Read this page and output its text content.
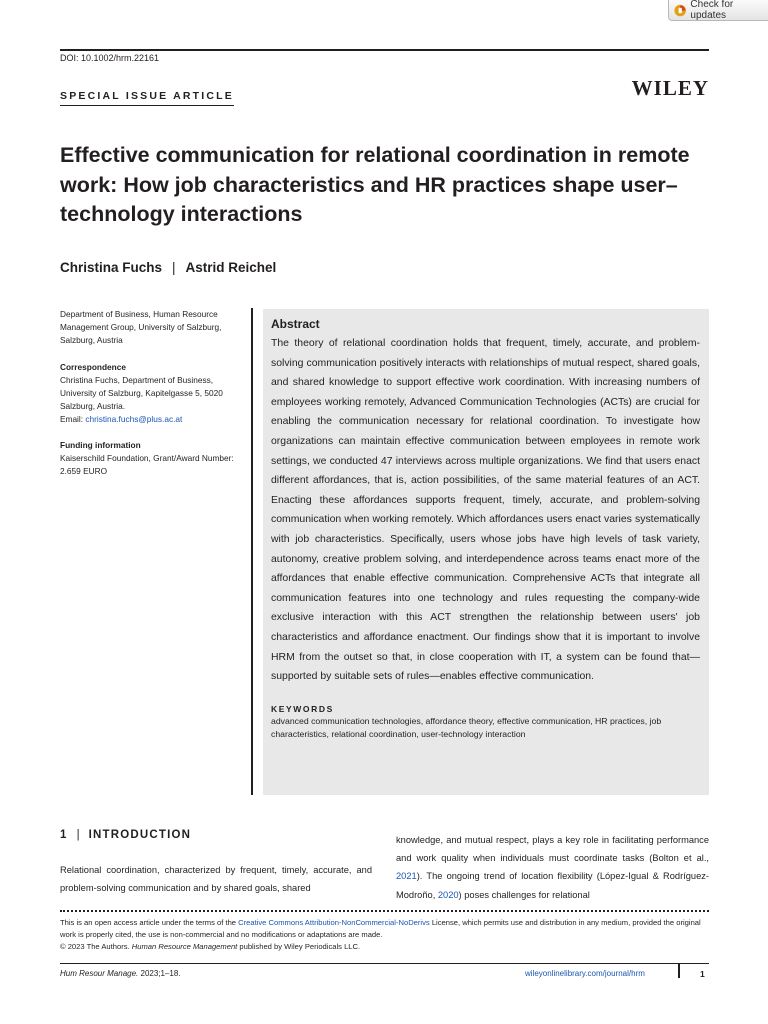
Check for updates
DOI: 10.1002/hrm.22161
SPECIAL ISSUE ARTICLE	WILEY
Effective communication for relational coordination in remote work: How job characteristics and HR practices shape user–technology interactions
Christina Fuchs | Astrid Reichel
Department of Business, Human Resource Management Group, University of Salzburg, Salzburg, Austria
Correspondence
Christina Fuchs, Department of Business, University of Salzburg, Kapitelgasse 5, 5020 Salzburg, Austria.
Email: christina.fuchs@plus.ac.at
Funding information
Kaiserschild Foundation, Grant/Award Number: 2.659 EURO
Abstract

The theory of relational coordination holds that frequent, timely, accurate, and problem-solving communication positively interacts with relationships of mutual respect, shared goals, and shared knowledge to support effective work coordination. With increasing numbers of employees working remotely, Advanced Communication Technologies (ACTs) are crucial for enabling the communication necessary for relational coordination. To investigate how organizations can maintain effective communication between employees in remote work settings, we conducted 47 interviews across multiple organizations. We find that users enact different affordances, that is, action possibilities, of the same material features of an ACT. Enacting these affordances supports frequent, timely, accurate, and problem-solving communication when working remotely. Which affordances users enact varies systematically with job characteristics. Specifically, users whose jobs have high levels of task variety, autonomy, creative problem solving, and interdependence across teams enact more of the affordances that enable effective communication. Comprehensive ACTs that integrate all communication features into one technology and rules requesting the company-wide exclusive interaction with this ACT strengthen the relationship between users' job characteristics and affordance enactment. Our findings show that it is important to involve HRM from the outset so that, in close cooperation with IT, a system can be found that—supported by suitable sets of rules—enables effective communication.

KEYWORDS
advanced communication technologies, affordance theory, effective communication, HR practices, job characteristics, relational coordination, user-technology interaction
1 | INTRODUCTION
Relational coordination, characterized by frequent, timely, accurate, and problem-solving communication and by shared goals, shared
knowledge, and mutual respect, plays a key role in facilitating performance and work quality when individuals must coordinate tasks (Bolton et al., 2021). The ongoing trend of location flexibility (López-Igual & Rodríguez-Modroño, 2020) poses challenges for relational
This is an open access article under the terms of the Creative Commons Attribution-NonCommercial-NoDerivs License, which permits use and distribution in any medium, provided the original work is properly cited, the use is non-commercial and no modifications or adaptations are made.
© 2023 The Authors. Human Resource Management published by Wiley Periodicals LLC.
Hum Resour Manage. 2023;1–18.	wileyonlinelibrary.com/journal/hrm	1
